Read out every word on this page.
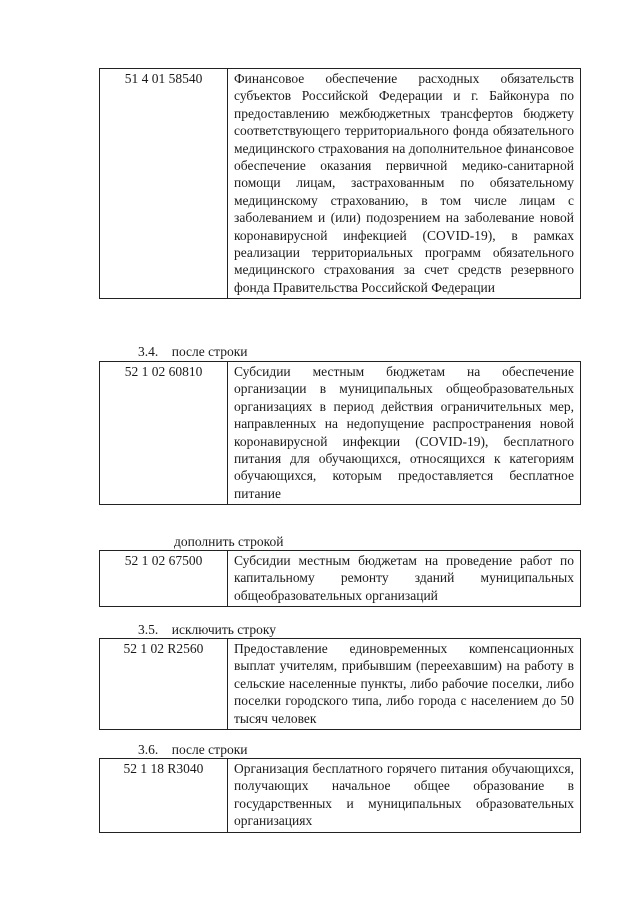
51 4 01 58540	Финансовое обеспечение расходных обязательств субъектов Российской Федерации и г. Байконура по предоставлению межбюджетных трансфертов бюджету соответствующего территориального фонда обязательного медицинского страхования на дополнительное финансовое обеспечение оказания первичной медико-санитарной помощи лицам, застрахованным по обязательному медицинскому страхованию, в том числе лицам с заболеванием и (или) подозрением на заболевание новой коронавирусной инфекцией (COVID-19), в рамках реализации территориальных программ обязательного медицинского страхования за счет средств резервного фонда Правительства Российской Федерации
3.4.    после строки
52 1 02 60810	Субсидии местным бюджетам на обеспечение организации в муниципальных общеобразовательных организациях в период действия ограничительных мер, направленных на недопущение распространения новой коронавирусной инфекции (COVID-19), бесплатного питания для обучающихся, относящихся к категориям обучающихся, которым предоставляется бесплатное питание
дополнить строкой
52 1 02 67500	Субсидии местным бюджетам на проведение работ по капитальному ремонту зданий муниципальных общеобразовательных организаций
3.5.    исключить строку
52 1 02 R2560	Предоставление единовременных компенсационных выплат учителям, прибывшим (переехавшим) на работу в сельские населенные пункты, либо рабочие поселки, либо поселки городского типа, либо города с населением до 50 тысяч человек
3.6.    после строки
52 1 18 R3040	Организация бесплатного горячего питания обучающихся, получающих начальное общее образование в государственных и муниципальных образовательных организациях
